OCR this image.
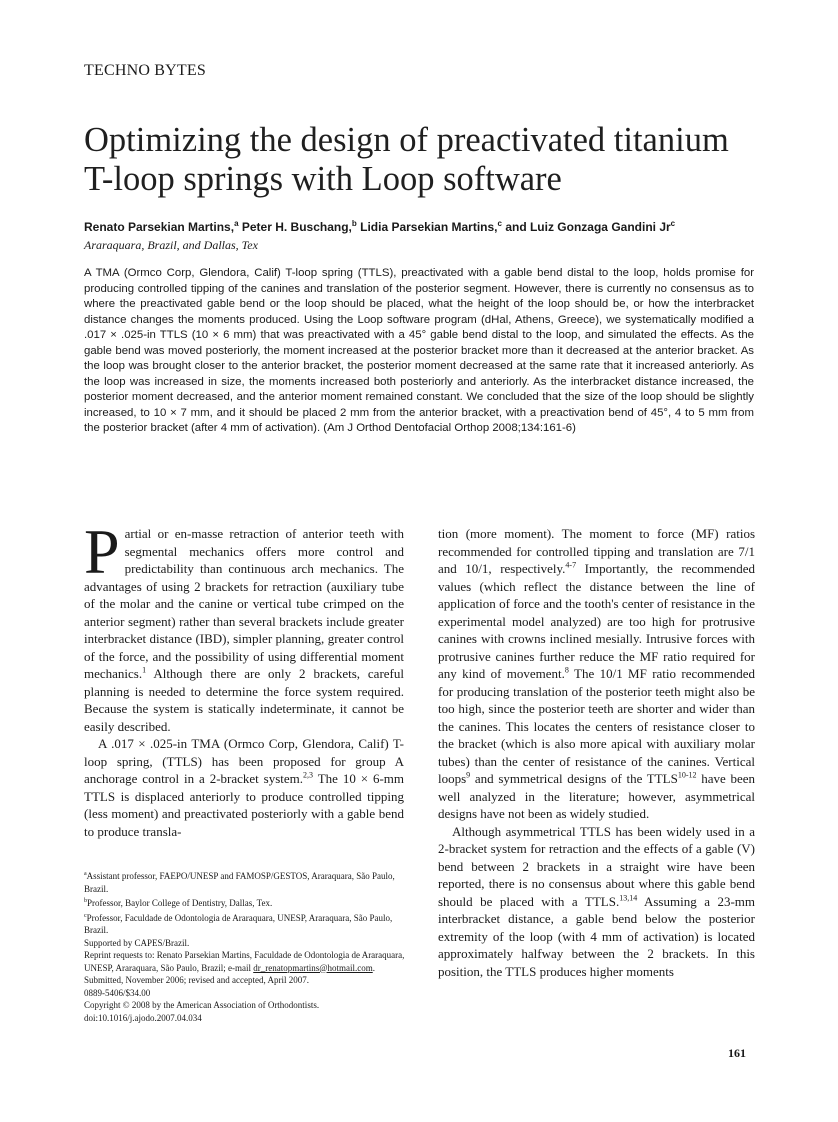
TECHNO BYTES
Optimizing the design of preactivated titanium T-loop springs with Loop software
Renato Parsekian Martins,$^a$ Peter H. Buschang,$^b$ Lidia Parsekian Martins,$^c$ and Luiz Gonzaga Gandini Jr$^c$
Araraquara, Brazil, and Dallas, Tex

A TMA (Ormco Corp, Glendora, Calif) T-loop spring (TTLS), preactivated with a gable bend distal to the loop, holds promise for producing controlled tipping of the canines and translation of the posterior segment. However, there is currently no consensus as to where the preactivated gable bend or the loop should be placed, what the height of the loop should be, or how the interbracket distance changes the moments produced. Using the Loop software program (dHal, Athens, Greece), we systematically modified a .017 × .025-in TTLS (10 × 6 mm) that was preactivated with a 45° gable bend distal to the loop, and simulated the effects. As the gable bend was moved posteriorly, the moment increased at the posterior bracket more than it decreased at the anterior bracket. As the loop was brought closer to the anterior bracket, the posterior moment decreased at the same rate that it increased anteriorly. As the loop was increased in size, the moments increased both posteriorly and anteriorly. As the interbracket distance increased, the posterior moment decreased, and the anterior moment remained constant. We concluded that the size of the loop should be slightly increased, to 10 × 7 mm, and it should be placed 2 mm from the anterior bracket, with a preactivation bend of 45°, 4 to 5 mm from the posterior bracket (after 4 mm of activation). (Am J Orthod Dentofacial Orthop 2008;134:161-6)

Partial or en-masse retraction of anterior teeth with segmental mechanics offers more control and predictability than continuous arch mechanics. The advantages of using 2 brackets for retraction (auxiliary tube of the molar and the canine or vertical tube crimped on the anterior segment) rather than several brackets include greater interbracket distance (IBD), simpler planning, greater control of the force, and the possibility of using differential moment mechanics.$^1$ Although there are only 2 brackets, careful planning is needed to determine the force system required. Because the system is statically indeterminate, it cannot be easily described.

A .017 × .025-in TMA (Ormco Corp, Glendora, Calif) T-loop spring, (TTLS) has been proposed for group A anchorage control in a 2-bracket system.$^{2,3}$ The 10 × 6-mm TTLS is displaced anteriorly to produce controlled tipping (less moment) and preactivated posteriorly with a gable bend to produce transla-

tion (more moment). The moment to force (MF) ratios recommended for controlled tipping and translation are 7/1 and 10/1, respectively.$^{4-7}$ Importantly, the recommended values (which reflect the distance between the line of application of force and the tooth's center of resistance in the experimental model analyzed) are too high for protrusive canines with crowns inclined mesially. Intrusive forces with protrusive canines further reduce the MF ratio required for any kind of movement.$^8$ The 10/1 MF ratio recommended for producing translation of the posterior teeth might also be too high, since the posterior teeth are shorter and wider than the canines. This locates the centers of resistance closer to the bracket (which is also more apical with auxiliary molar tubes) than the center of resistance of the canines. Vertical loops$^9$ and symmetrical designs of the TTLS$^{10-12}$ have been well analyzed in the literature; however, asymmetrical designs have not been as widely studied.

Although asymmetrical TTLS has been widely used in a 2-bracket system for retraction and the effects of a gable (V) bend between 2 brackets in a straight wire have been reported, there is no consensus about where this gable bend should be placed with a TTLS.$^{13,14}$ Assuming a 23-mm interbracket distance, a gable bend below the posterior extremity of the loop (with 4 mm of activation) is located approximately halfway between the 2 brackets. In this position, the TTLS produces higher moments

$^a$Assistant professor, FAEPO/UNESP and FAMOSP/GESTOS, Araraquara, São Paulo, Brazil.
$^b$Professor, Baylor College of Dentistry, Dallas, Tex.
$^c$Professor, Faculdade de Odontologia de Araraquara, UNESP, Araraquara, São Paulo, Brazil.
Supported by CAPES/Brazil.
Reprint requests to: Renato Parsekian Martins, Faculdade de Odontologia de Araraquara, UNESP, Araraquara, São Paulo, Brazil; e-mail dr_renatopmartins@hotmail.com.
Submitted, November 2006; revised and accepted, April 2007.
0889-5406/$34.00
Copyright © 2008 by the American Association of Orthodontists.
doi:10.1016/j.ajodo.2007.04.034
161
